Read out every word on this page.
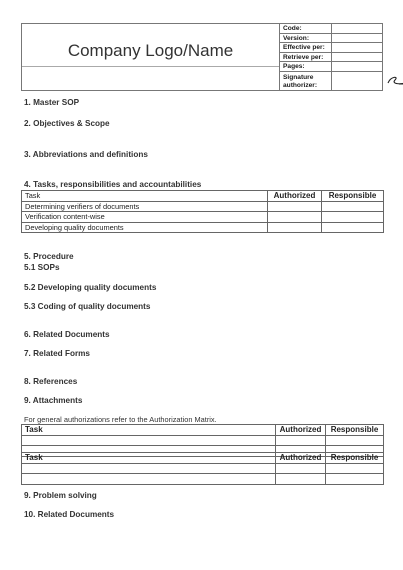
Company Logo/Name
Code:
Version:
Effective per:
Retrieve per:
Pages:
Signature
authorizer:
1. Master SOP
2. Objectives & Scope
3. Abbreviations and definitions
4. Tasks, responsibilities and accountabilities
Task	Authorized	Responsible
Determining verifiers of documents		
Verification content-wise		
Developing quality documents		
5. Procedure
5.1 SOPs
5.2 Developing quality documents
5.3 Coding of quality documents
6. Related Documents
7. Related Forms
8. References
9. Attachments
For general authorizations refer to the Authorization Matrix.
Task	Authorized	Responsible

Task	Authorized	Responsible

9. Problem solving
10. Related Documents
